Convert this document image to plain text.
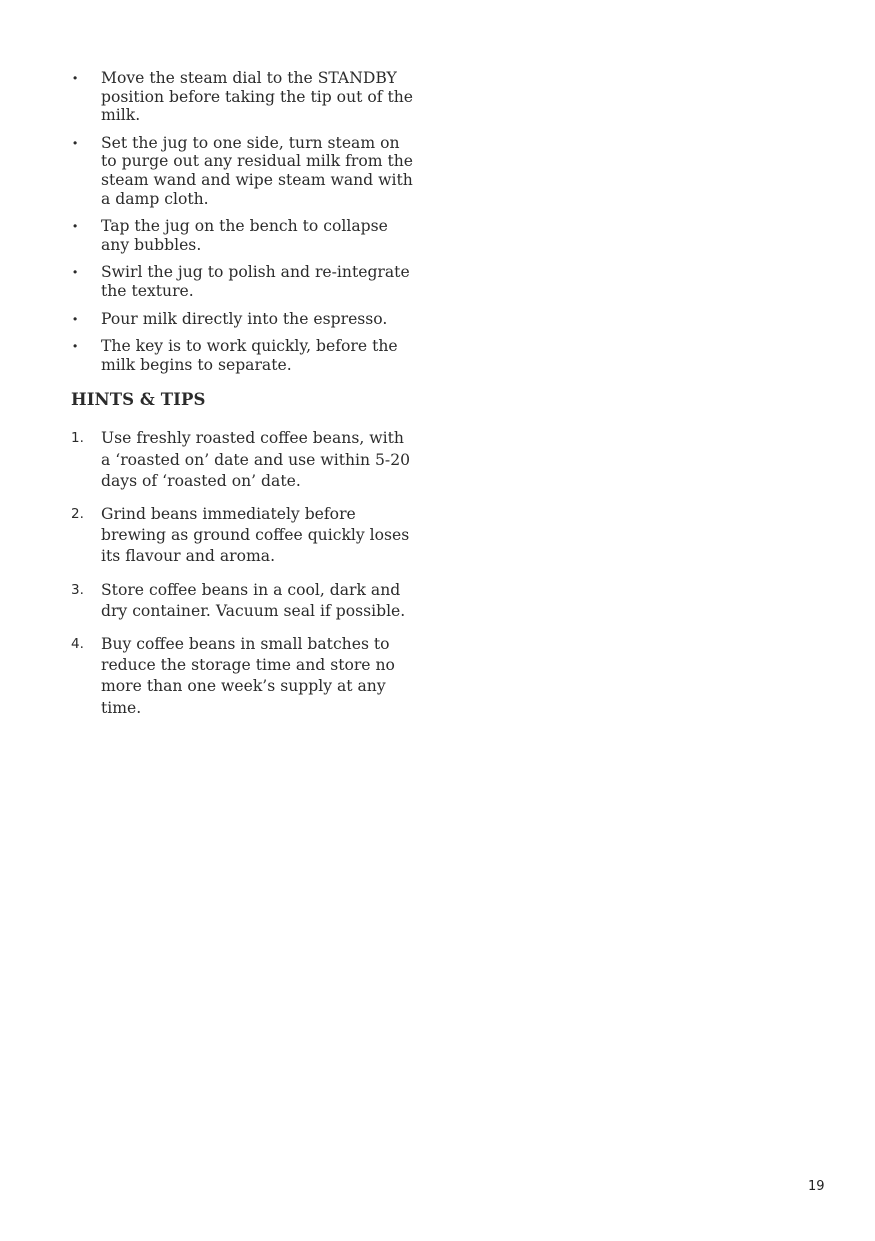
• Move the steam dial to the STANDBY position before taking the tip out of the milk.
• Set the jug to one side, turn steam on to purge out any residual milk from the steam wand and wipe steam wand with a damp cloth.
• Tap the jug on the bench to collapse any bubbles.
• Swirl the jug to polish and re-integrate the texture.
• Pour milk directly into the espresso.
• The key is to work quickly, before the milk begins to separate.
HINTS & TIPS
1. Use freshly roasted coffee beans, with a ‘roasted on’ date and use within 5-20 days of ‘roasted on’ date.
2. Grind beans immediately before brewing as ground coffee quickly loses its flavour and aroma.
3. Store coffee beans in a cool, dark and dry container. Vacuum seal if possible.
4. Buy coffee beans in small batches to reduce the storage time and store no more than one week’s supply at any time.
19
